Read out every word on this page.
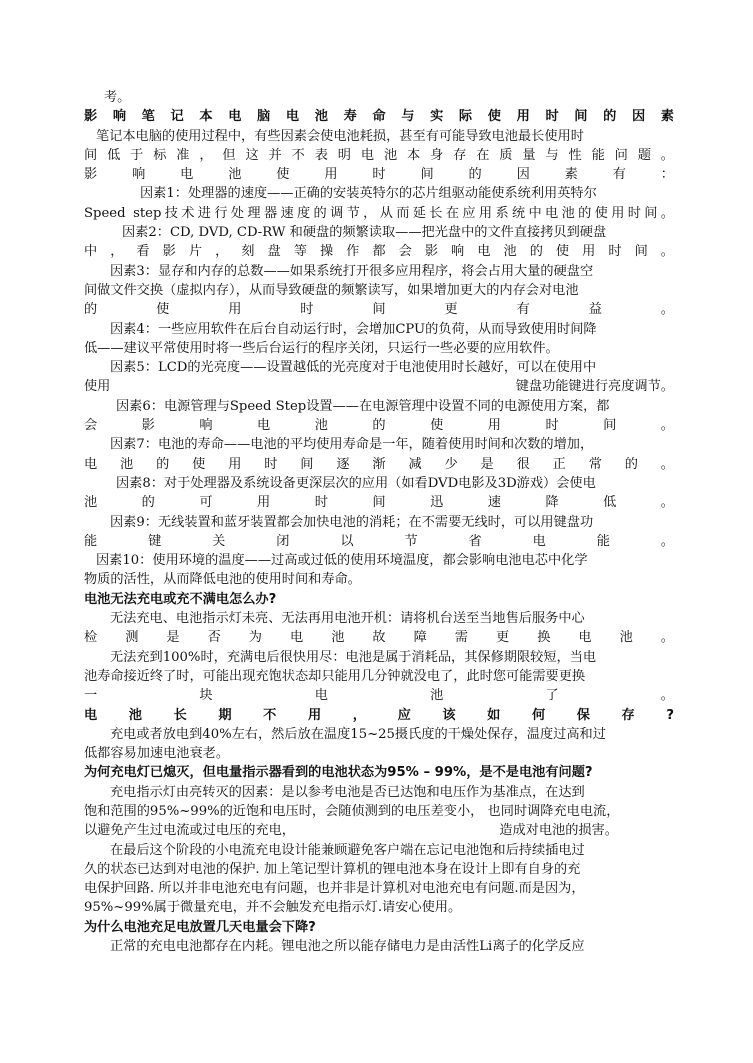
考。
影响笔记本电脑电池寿命与实际使用时间的因素
笔记本电脑的使用过程中，有些因素会使电池耗损，甚至有可能导致电池最长使用时
间低于标准，但这并不表明电池本身存在质量与性能问题。
影响电池使用时间的因素有：
因素1：处理器的速度——正确的安装英特尔的芯片组驱动能使系统利用英特尔
Speed step技术进行处理器速度的调节，从而延长在应用系统中电池的使用时间。
因素2：CD, DVD, CD-RW 和硬盘的频繁读取——把光盘中的文件直接拷贝到硬盘
中，看影片，刻盘等操作都会影响电池的使用时间。
因素3：显存和内存的总数——如果系统打开很多应用程序，将会占用大量的硬盘空
间做文件交换（虚拟内存），从而导致硬盘的频繁读写，如果增加更大的内存会对电池
的使用时间更有益。
因素4：一些应用软件在后台自动运行时，会增加CPU的负荷，从而导致使用时间降
低——建议平常使用时将一些后台运行的程序关闭，只运行一些必要的应用软件。
因素5：LCD的光亮度——设置越低的光亮度对于电池使用时长越好，可以在使用中
使用	键盘功能键进行亮度调节。
因素6：电源管理与Speed Step设置——在电源管理中设置不同的电源使用方案，都
会影响电池的使用时间。
因素7：电池的寿命——电池的平均使用寿命是一年，随着使用时间和次数的增加，
电池的使用时间逐渐减少是很正常的。
因素8：对于处理器及系统设备更深层次的应用（如看DVD电影及3D游戏）会使电
池的可用时间迅速降低。
因素9：无线装置和蓝牙装置都会加快电池的消耗；在不需要无线时，可以用键盘功
能键关闭以节省电能。
因素10：使用环境的温度——过高或过低的使用环境温度，都会影响电池电芯中化学
物质的活性，从而降低电池的使用时间和寿命。
电池无法充电或充不满电怎么办?
无法充电、电池指示灯未亮、无法再用电池开机：请将机台送至当地售后服务中心
检测是否为电池故障需更换电池。
无法充到100%时，充满电后很快用尽：电池是属于消耗品，其保修期限较短，当电
池寿命接近终了时，可能出现充饱状态却只能用几分钟就没电了，此时您可能需要更换
一块电池了。
电池长期不用，应该如何保存?
充电或者放电到40%左右，然后放在温度15~25摄氏度的干燥处保存，温度过高和过
低都容易加速电池衰老。
为何充电灯已熄灭，但电量指示器看到的电池状态为95% – 99%，是不是电池有问题?
充电指示灯由亮转灭的因素：是以参考电池是否已达饱和电压作为基准点，在达到
饱和范围的95%~99%的近饱和电压时，会随侦测到的电压差变小， 也同时调降充电电流，
以避免产生过电流或过电压的充电，	造成对电池的损害。
在最后这个阶段的小电流充电设计能兼顾避免客户端在忘记电池饱和后持续插电过
久的状态已达到对电池的保护. 加上笔记型计算机的锂电池本身在设计上即有自身的充
电保护回路. 所以并非电池充电有问题，也并非是计算机对电池充电有问题.而是因为，
95%~99%属于微量充电，并不会触发充电指示灯.请安心使用。
为什么电池充足电放置几天电量会下降?
正常的充电电池都存在内耗。锂电池之所以能存储电力是由活性Li离子的化学反应
